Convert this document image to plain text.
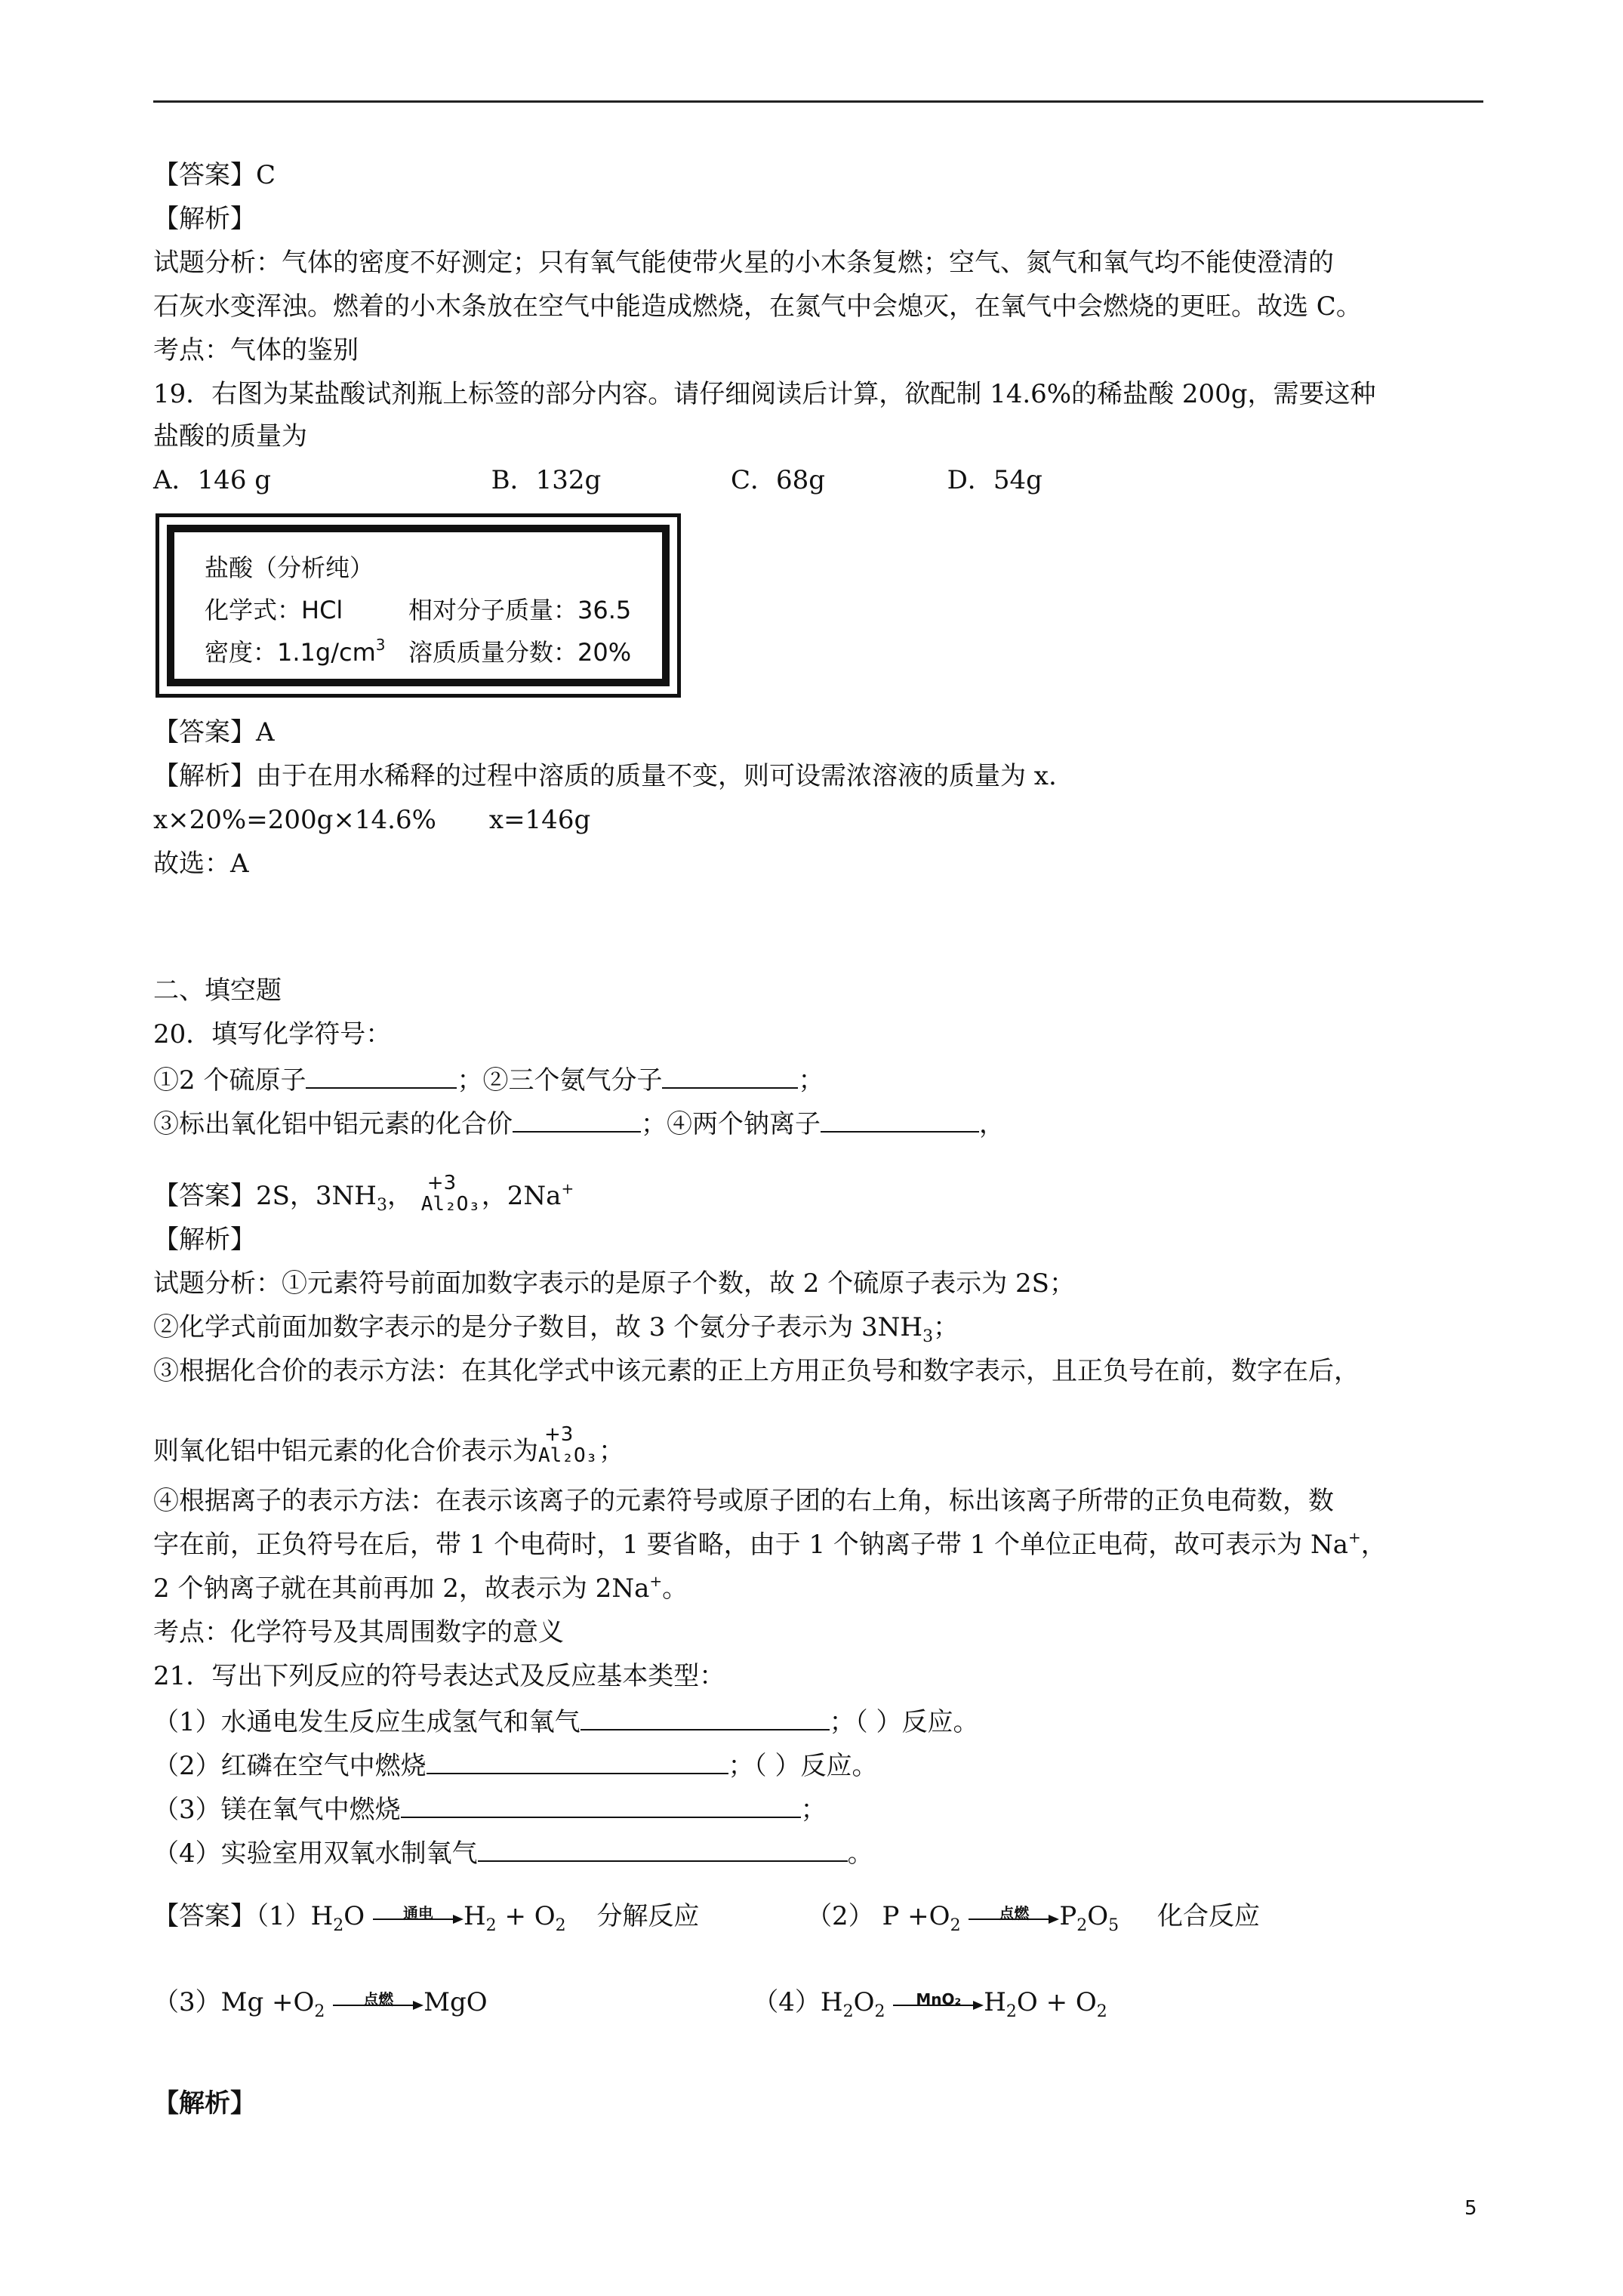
【答案】C
【解析】
试题分析：气体的密度不好测定；只有氧气能使带火星的小木条复燃；空气、氮气和氧气均不能使澄清的
石灰水变浑浊。燃着的小木条放在空气中能造成燃烧，在氮气中会熄灭，在氧气中会燃烧的更旺。故选 C。
考点：气体的鉴别
19．右图为某盐酸试剂瓶上标签的部分内容。请仔细阅读后计算，欲配制 14.6%的稀盐酸 200g，需要这种
盐酸的质量为
A．146 g	B．132g	C．68g	D．54g
盐酸（分析纯）
化学式：HCl	相对分子质量：36.5
密度：$1.1g/cm^3$ 溶质质量分数：20%
【答案】A
【解析】由于在用水稀释的过程中溶质的质量不变，则可设需浓溶液的质量为 x.
x×20%=200g×14.6% x=146g
故选：A
二、填空题
20．填写化学符号：
①2 个硫原子	；②三个氨气分子	；
③标出氧化铝中铝元素的化合价	；④两个钠离子	，
【答案】2S，$3NH_3$， +3
Al₂O₃ ，2Na+
【解析】
试题分析：①元素符号前面加数字表示的是原子个数，故 2 个硫原子表示为 2S；
②化学式前面加数字表示的是分子数目，故 3 个氨分子表示为 $3NH_3$；
③根据化合价的表示方法：在其化学式中该元素的正上方用正负号和数字表示，且正负号在前，数字在后，
则氧化铝中铝元素的化合价表示为
+3
Al₂O₃ ；
④根据离子的表示方法：在表示该离子的元素符号或原子团的右上角，标出该离子所带的正负电荷数，数
字在前，正负符号在后，带 1 个电荷时，1 要省略，由于 1 个钠离子带 1 个单位正电荷，故可表示为 Na+，
2 个钠离子就在其前再加 2，故表示为 2Na+。
考点：化学符号及其周围数字的意义
21．写出下列反应的符号表达式及反应基本类型：
（1）水通电发生反应生成氢气和氧气	；（ ）反应。
（2）红磷在空气中燃烧	；（ ）反应。
（3）镁在氧气中燃烧	；
（4）实验室用双氧水制氧气	。
【答案】$(1)H_2O$	通电	$H_2 + O_2$ 分解反应	（2） $P +O_2$
点燃	$P_2O_5$ 化合反应
$(3)Mg +O_2$
点燃	MgO	$(4)H_2O_2$
MnO₂ $H_2O + O_2$
【解析】
5
